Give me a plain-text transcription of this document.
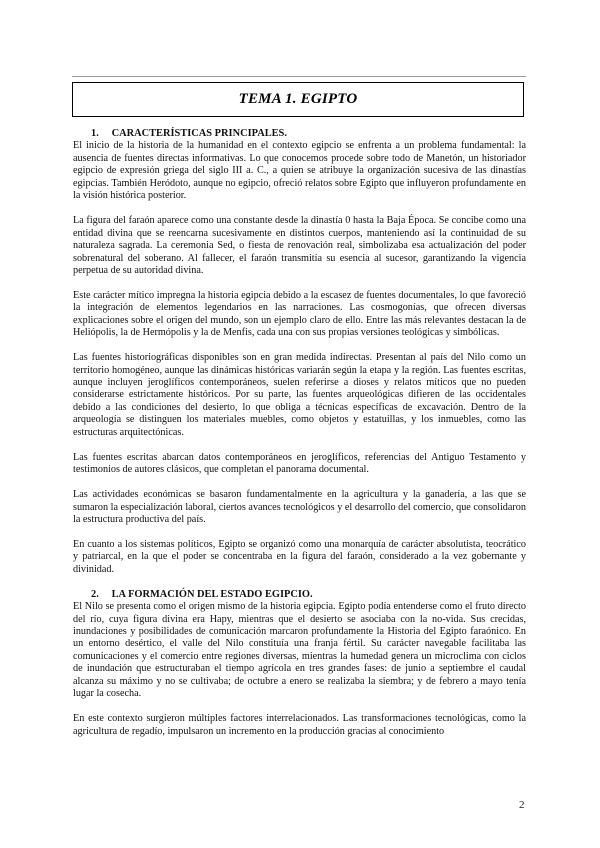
TEMA 1. EGIPTO
1. CARACTERÍSTICAS PRINCIPALES.

El inicio de la historia de la humanidad en el contexto egipcio se enfrenta a un problema fundamental: la ausencia de fuentes directas informativas. Lo que conocemos procede sobre todo de Manetón, un historiador egipcio de expresión griega del siglo III a. C., a quien se atribuye la organización sucesiva de las dinastías egipcias. También Heródoto, aunque no egipcio, ofreció relatos sobre Egipto que influyeron profundamente en la visión histórica posterior.

La figura del faraón aparece como una constante desde la dinastía 0 hasta la Baja Época. Se concibe como una entidad divina que se reencarna sucesivamente en distintos cuerpos, manteniendo así la continuidad de su naturaleza sagrada. La ceremonia Sed, o fiesta de renovación real, simbolizaba esa actualización del poder sobrenatural del soberano. Al fallecer, el faraón transmitía su esencia al sucesor, garantizando la vigencia perpetua de su autoridad divina.

Este carácter mítico impregna la historia egipcia debido a la escasez de fuentes documentales, lo que favoreció la integración de elementos legendarios en las narraciones. Las cosmogonías, que ofrecen diversas explicaciones sobre el origen del mundo, son un ejemplo claro de ello. Entre las más relevantes destacan la de Heliópolis, la de Hermópolis y la de Menfis, cada una con sus propias versiones teológicas y simbólicas.

Las fuentes historiográficas disponibles son en gran medida indirectas. Presentan al país del Nilo como un territorio homogéneo, aunque las dinámicas históricas variarán según la etapa y la región. Las fuentes escritas, aunque incluyen jeroglíficos contemporáneos, suelen referirse a dioses y relatos míticos que no pueden considerarse estrictamente históricos. Por su parte, las fuentes arqueológicas difieren de las occidentales debido a las condiciones del desierto, lo que obliga a técnicas específicas de excavación. Dentro de la arqueología se distinguen los materiales muebles, como objetos y estatuillas, y los inmuebles, como las estructuras arquitectónicas.

Las fuentes escritas abarcan datos contemporáneos en jeroglíficos, referencias del Antiguo Testamento y testimonios de autores clásicos, que completan el panorama documental.

Las actividades económicas se basaron fundamentalmente en la agricultura y la ganadería, a las que se sumaron la especialización laboral, ciertos avances tecnológicos y el desarrollo del comercio, que consolidaron la estructura productiva del país.

En cuanto a los sistemas políticos, Egipto se organizó como una monarquía de carácter absolutista, teocrático y patriarcal, en la que el poder se concentraba en la figura del faraón, considerado a la vez gobernante y divinidad.

2. LA FORMACIÓN DEL ESTADO EGIPCIO.

El Nilo se presenta como el origen mismo de la historia egipcia. Egipto podía entenderse como el fruto directo del río, cuya figura divina era Hapy, mientras que el desierto se asociaba con la no-vida. Sus crecidas, inundaciones y posibilidades de comunicación marcaron profundamente la Historia del Egipto faraónico. En un entorno desértico, el valle del Nilo constituía una franja fértil. Su carácter navegable facilitaba las comunicaciones y el comercio entre regiones diversas, mientras la humedad genera un microclima con ciclos de inundación que estructuraban el tiempo agrícola en tres grandes fases: de junio a septiembre el caudal alcanza su máximo y no se cultivaba; de octubre a enero se realizaba la siembra; y de febrero a mayo tenía lugar la cosecha.

En este contexto surgieron múltiples factores interrelacionados. Las transformaciones tecnológicas, como la agricultura de regadío, impulsaron un incremento en la producción gracias al conocimiento

2
